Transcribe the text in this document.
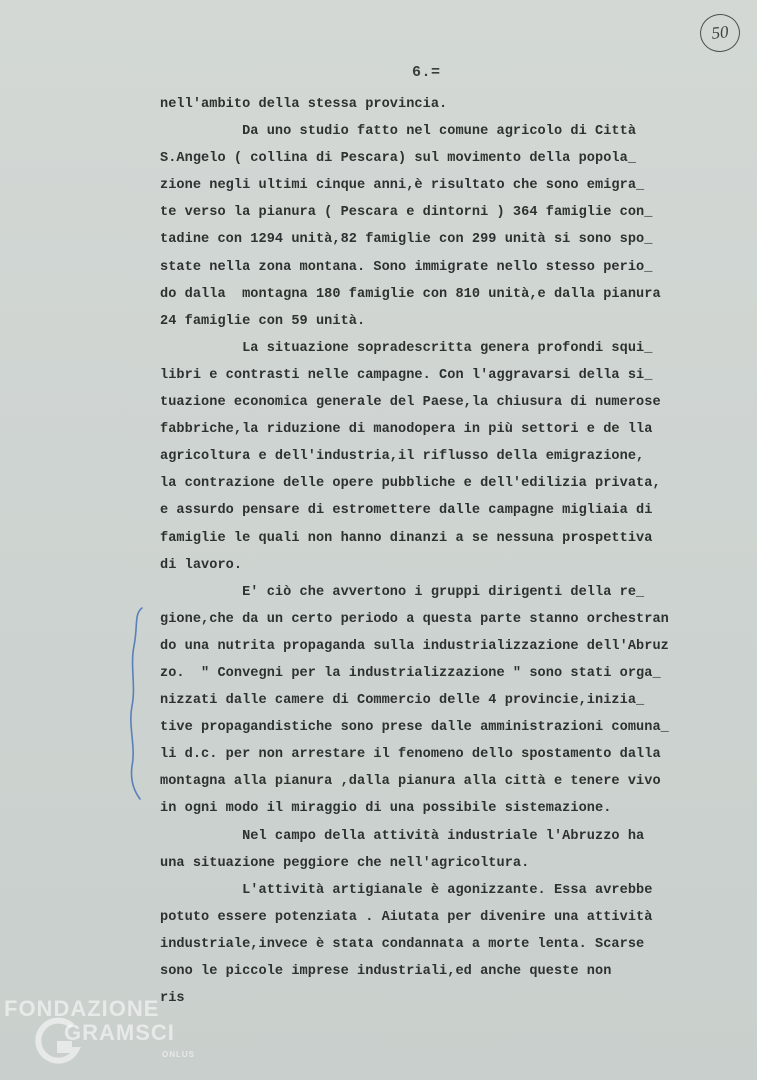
50
6.=
nell'ambito della stessa provincia.
Da uno studio fatto nel comune agricolo di Città
S.Angelo ( collina di Pescara) sul movimento della popola_
zione negli ultimi cinque anni,è risultato che sono emigra_
te verso la pianura ( Pescara e dintorni ) 364 famiglie con_
tadine con 1294 unità,82 famiglie con 299 unità si sono spo_
state nella zona montana. Sono immigrate nello stesso perio_
do dalla  montagna 180 famiglie con 810 unità,e dalla pianura
24 famiglie con 59 unità.
La situazione sopradescritta genera profondi squi_
libri e contrasti nelle campagne. Con l'aggravarsi della si_
tuazione economica generale del Paese,la chiusura di numerose
fabbriche,la riduzione di manodopera in più settori e de lla
agricoltura e dell'industria,il riflusso della emigrazione,
la contrazione delle opere pubbliche e dell'edilizia privata,
e assurdo pensare di estromettere dalle campagne migliaia di
famiglie le quali non hanno dinanzi a se nessuna prospettiva
di lavoro.
E' ciò che avvertono i gruppi dirigenti della re_
gione,che da un certo periodo a questa parte stanno orchestran
do una nutrita propaganda sulla industrializzazione dell'Abruz
zo.  " Convegni per la industrializzazione " sono stati orga_
nizzati dalle camere di Commercio delle 4 provincie,inizia_
tive propagandistiche sono prese dalle amministrazioni comuna_
li d.c. per non arrestare il fenomeno dello spostamento dalla
montagna alla pianura ,dalla pianura alla città e tenere vivo
in ogni modo il miraggio di una possibile sistemazione.
Nel campo della attività industriale l'Abruzzo ha
una situazione peggiore che nell'agricoltura.
L'attività artigianale è agonizzante. Essa avrebbe
potuto essere potenziata . Aiutata per divenire una attività
industriale,invece è stata condannata a morte lenta. Scarse
sono le piccole imprese industriali,ed anche queste non
ris
FONDAZIONE
GRAMSCI
ONLUS
